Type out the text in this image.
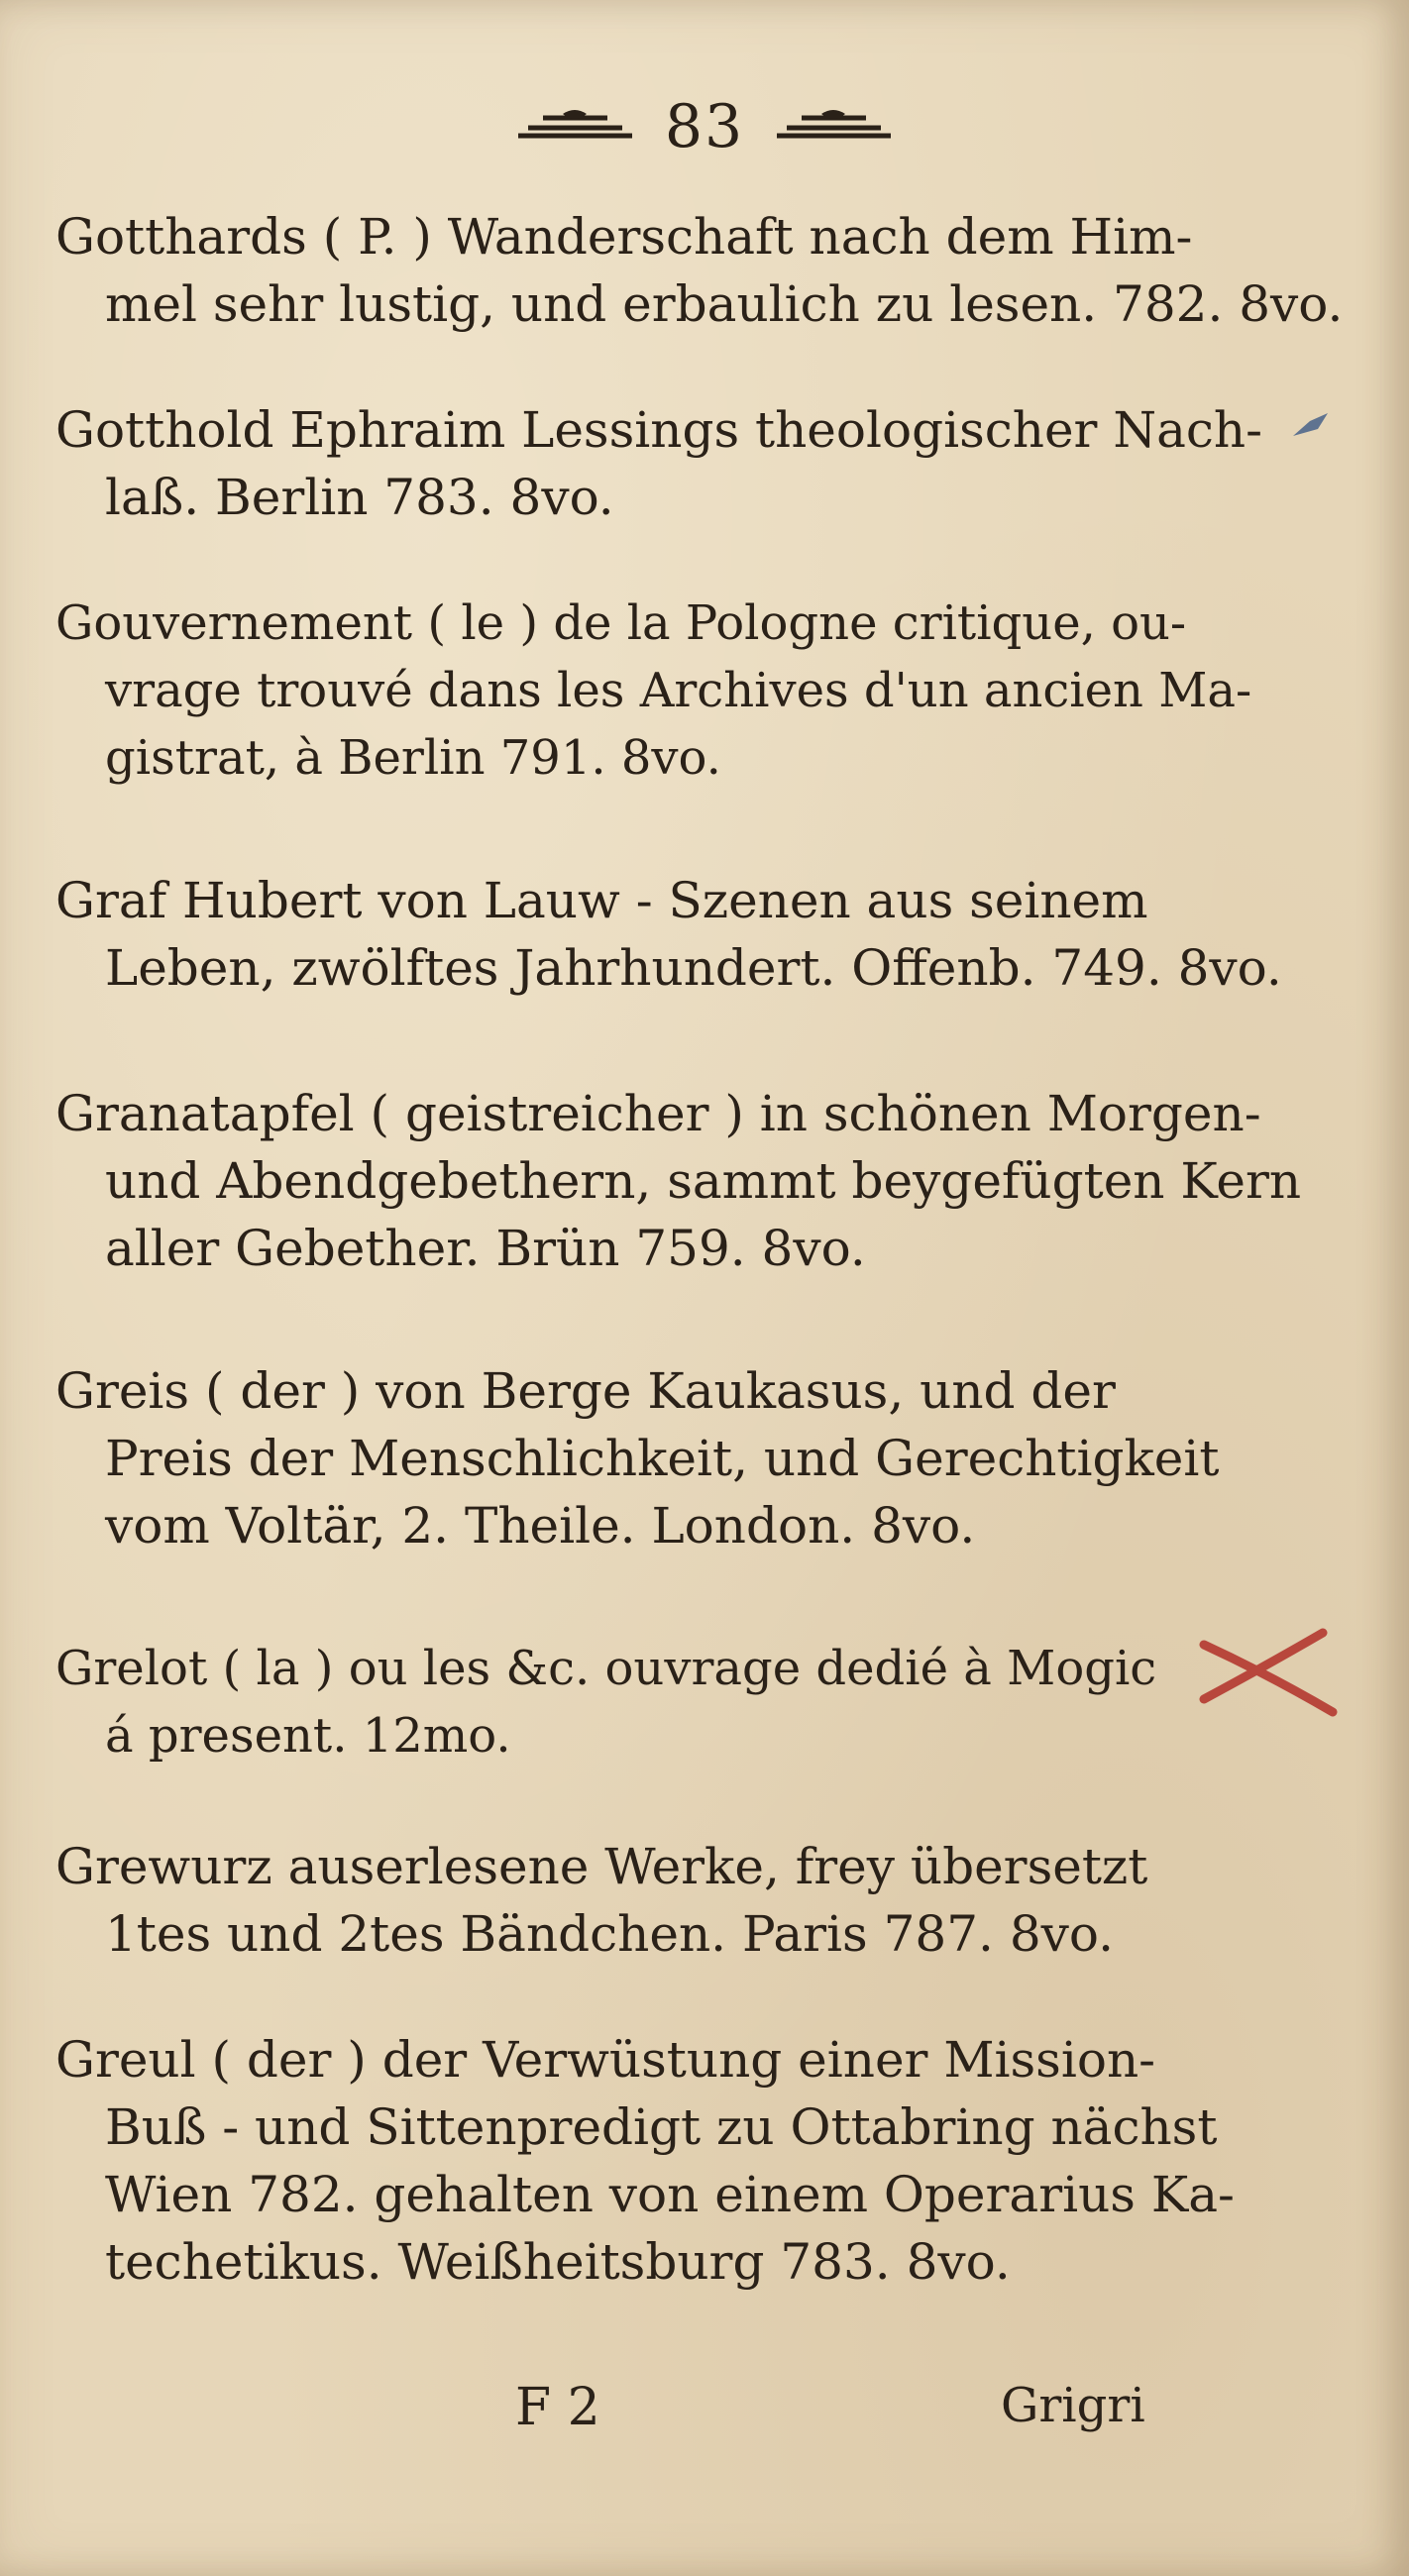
83
Gotthards ( P. ) Wanderschaft nach dem Him-
mel sehr lustig, und erbaulich zu lesen. 782. 8vo.
Gotthold Ephraim Lessings theologischer Nach-
laß. Berlin 783. 8vo.
Gouvernement ( le ) de la Pologne critique, ou-
vrage trouvé dans les Archives d'un ancien Ma-
gistrat, à Berlin 791. 8vo.
Graf Hubert von Lauw - Szenen aus seinem
Leben, zwölftes Jahrhundert. Offenb. 749. 8vo.
Granatapfel ( geistreicher ) in schönen Morgen-
und Abendgebethern, sammt beygefügten Kern
aller Gebether. Brün 759. 8vo.
Greis ( der ) von Berge Kaukasus, und der
Preis der Menschlichkeit, und Gerechtigkeit
vom Voltär, 2. Theile. London. 8vo.
Grelot ( la ) ou les &c. ouvrage dedié à Mogic
á present. 12mo.
Grewurz auserlesene Werke, frey übersetzt
1tes und 2tes Bändchen. Paris 787. 8vo.
Greul ( der ) der Verwüstung einer Mission-
Buß - und Sittenpredigt zu Ottabring nächst
Wien 782. gehalten von einem Operarius Ka-
techetikus. Weißheitsburg 783. 8vo.
F 2	Grigri
